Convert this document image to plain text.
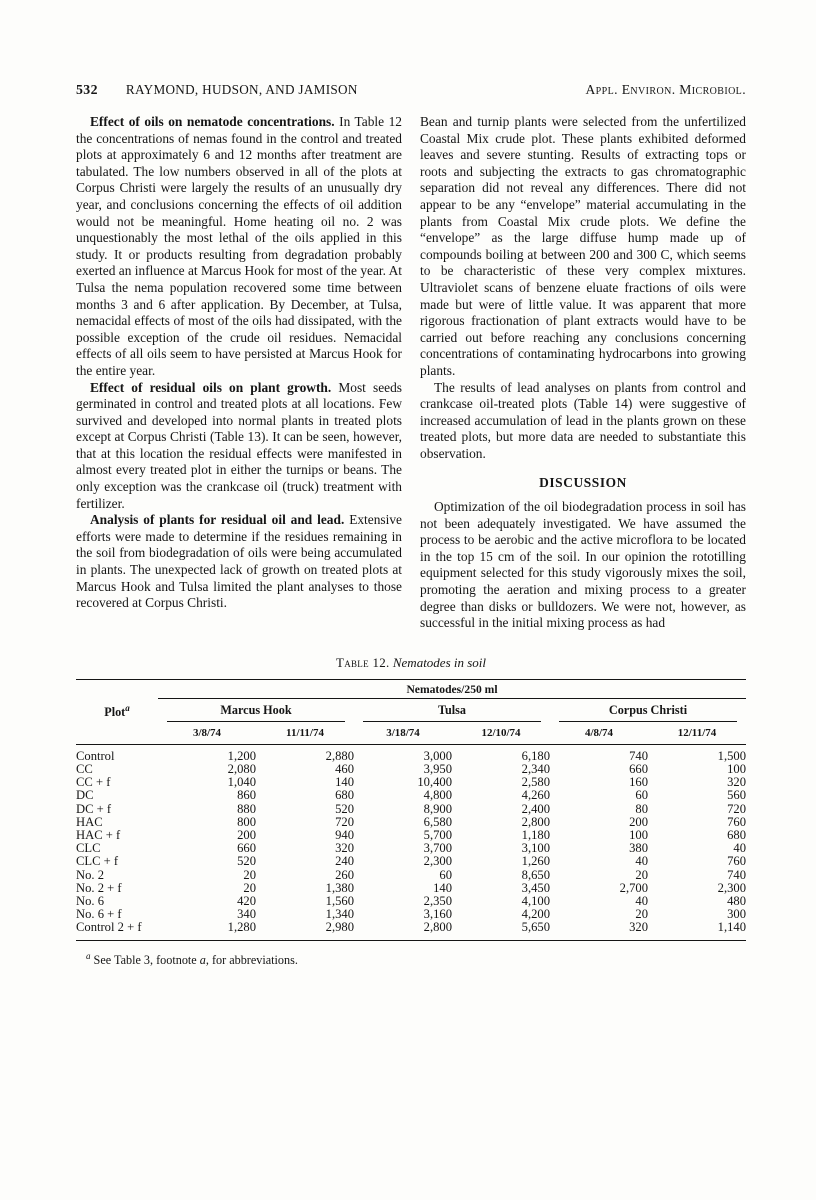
532 RAYMOND, HUDSON, AND JAMISON	Appl. Environ. Microbiol.

Effect of oils on nematode concentrations. In Table 12 the concentrations of nemas found in the control and treated plots at approximately 6 and 12 months after treatment are tabulated. The low numbers observed in all of the plots at Corpus Christi were largely the results of an unusually dry year, and conclusions concerning the effects of oil addition would not be meaningful. Home heating oil no. 2 was unquestionably the most lethal of the oils applied in this study. It or products resulting from degradation probably exerted an influence at Marcus Hook for most of the year. At Tulsa the nema population recovered some time between months 3 and 6 after application. By December, at Tulsa, nemacidal effects of most of the oils had dissipated, with the possible exception of the crude oil residues. Nemacidal effects of all oils seem to have persisted at Marcus Hook for the entire year.

Effect of residual oils on plant growth. Most seeds germinated in control and treated plots at all locations. Few survived and developed into normal plants in treated plots except at Corpus Christi (Table 13). It can be seen, however, that at this location the residual effects were manifested in almost every treated plot in either the turnips or beans. The only exception was the crankcase oil (truck) treatment with fertilizer.

Analysis of plants for residual oil and lead. Extensive efforts were made to determine if the residues remaining in the soil from biodegradation of oils were being accumulated in plants. The unexpected lack of growth on treated plots at Marcus Hook and Tulsa limited the plant analyses to those recovered at Corpus Christi.

Bean and turnip plants were selected from the unfertilized Coastal Mix crude plot. These plants exhibited deformed leaves and severe stunting. Results of extracting tops or roots and subjecting the extracts to gas chromatographic separation did not reveal any differences. There did not appear to be any “envelope” material accumulating in the plants from Coastal Mix crude plots. We define the “envelope” as the large diffuse hump made up of compounds boiling at between 200 and 300 C, which seems to be characteristic of these very complex mixtures. Ultraviolet scans of benzene eluate fractions of oils were made but were of little value. It was apparent that more rigorous fractionation of plant extracts would have to be carried out before reaching any conclusions concerning concentrations of contaminating hydrocarbons into growing plants.

The results of lead analyses on plants from control and crankcase oil-treated plots (Table 14) were suggestive of increased accumulation of lead in the plants grown on these treated plots, but more data are needed to substantiate this observation.

DISCUSSION

Optimization of the oil biodegradation process in soil has not been adequately investigated. We have assumed the process to be aerobic and the active microflora to be located in the top 15 cm of the soil. In our opinion the rototilling equipment selected for this study vigorously mixes the soil, promoting the aeration and mixing process to a greater degree than disks or bulldozers. We were not, however, as successful in the initial mixing process as had

Table 12. Nematodes in soil
Plot$^a$	Nematodes/250 ml					

	Marcus Hook		Tulsa		Corpus Christi	

	3/8/74	11/11/74	3/18/74	12/10/74	4/8/74	12/11/74
Control	1,200	2,880	3,000	6,180	740	1,500
CC	2,080	460	3,950	2,340	660	100
CC + f	1,040	140	10,400	2,580	160	320
DC	860	680	4,800	4,260	60	560
DC + f	880	520	8,900	2,400	80	720
HAC	800	720	6,580	2,800	200	760
HAC + f	200	940	5,700	1,180	100	680
CLC	660	320	3,700	3,100	380	40
CLC + f	520	240	2,300	1,260	40	760
No. 2	20	260	60	8,650	20	740
No. 2 + f	20	1,380	140	3,450	2,700	2,300
No. 6	420	1,560	2,350	4,100	40	480
No. 6 + f	340	1,340	3,160	4,200	20	300
Control 2 + f	1,280	2,980	2,800	5,650	320	1,140
$^a$ See Table 3, footnote a, for abbreviations.
